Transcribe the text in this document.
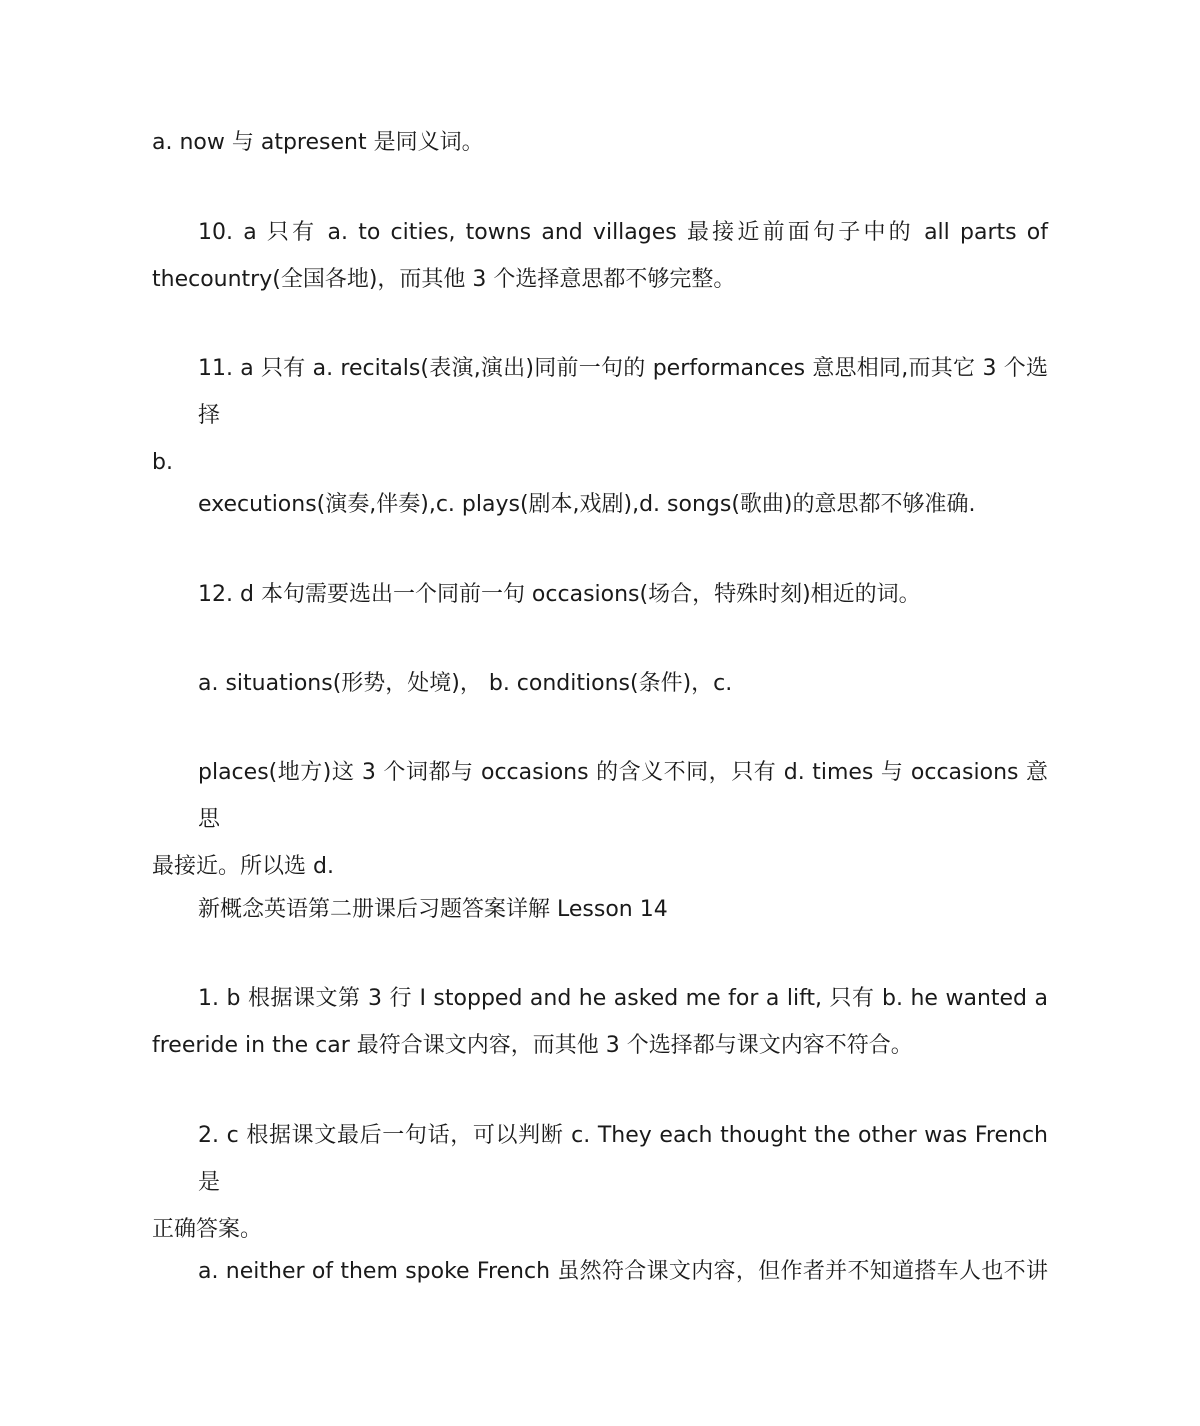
a. now 与 atpresent 是同义词。

10. a 只有 a. to cities, towns and villages 最接近前面句子中的 all parts of
thecountry(全国各地)，而其他 3 个选择意思都不够完整。

11. a 只有 a. recitals(表演,演出)同前一句的 performances 意思相同,而其它 3 个选择
b.

executions(演奏,伴奏),c. plays(剧本,戏剧),d. songs(歌曲)的意思都不够准确.

12. d 本句需要选出一个同前一句 occasions(场合，特殊时刻)相近的词。

a. situations(形势，处境)， b. conditions(条件)，c.

places(地方)这 3 个词都与 occasions 的含义不同，只有 d. times 与 occasions 意思
最接近。所以选 d.

新概念英语第二册课后习题答案详解 Lesson 14

1. b 根据课文第 3 行 I stopped and he asked me for a lift, 只有 b. he wanted a
freeride in the car 最符合课文内容，而其他 3 个选择都与课文内容不符合。

2. c 根据课文最后一句话，可以判断 c. They each thought the other was French 是
正确答案。

a. neither of them spoke French 虽然符合课文内容，但作者并不知道搭车人也不讲
